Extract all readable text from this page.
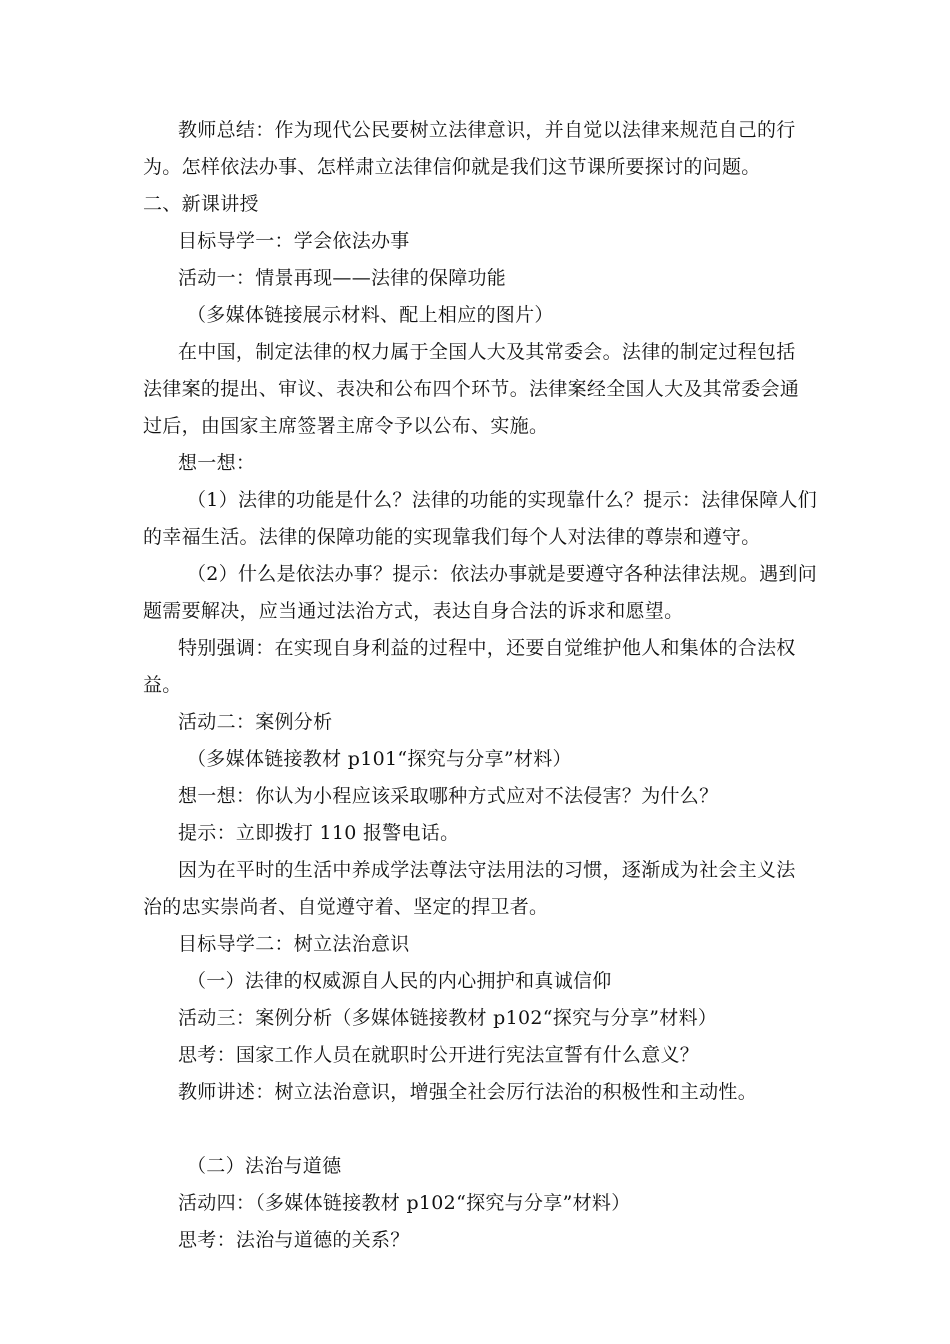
教师总结：作为现代公民要树立法律意识，并自觉以法律来规范自己的行
为。怎样依法办事、怎样肃立法律信仰就是我们这节课所要探讨的问题。
二、新课讲授
目标导学一：学会依法办事
活动一：情景再现——法律的保障功能
（多媒体链接展示材料、配上相应的图片）
在中国，制定法律的权力属于全国人大及其常委会。法律的制定过程包括
法律案的提出、审议、表决和公布四个环节。法律案经全国人大及其常委会通
过后，由国家主席签署主席令予以公布、实施。
想一想：
（1）法律的功能是什么？法律的功能的实现靠什么？提示：法律保障人们
的幸福生活。法律的保障功能的实现靠我们每个人对法律的尊崇和遵守。
（2）什么是依法办事？提示：依法办事就是要遵守各种法律法规。遇到问
题需要解决，应当通过法治方式，表达自身合法的诉求和愿望。
特别强调：在实现自身利益的过程中，还要自觉维护他人和集体的合法权
益。
活动二：案例分析
（多媒体链接教材 p101“探究与分享”材料）
想一想：你认为小程应该采取哪种方式应对不法侵害？为什么？
提示：立即拨打 110 报警电话。
因为在平时的生活中养成学法尊法守法用法的习惯，逐渐成为社会主义法
治的忠实崇尚者、自觉遵守着、坚定的捍卫者。
目标导学二：树立法治意识
（一）法律的权威源自人民的内心拥护和真诚信仰
活动三：案例分析（多媒体链接教材 p102“探究与分享”材料）
思考：国家工作人员在就职时公开进行宪法宣誓有什么意义？
教师讲述：树立法治意识，增强全社会厉行法治的积极性和主动性。
（二）法治与道德
活动四：（多媒体链接教材 p102“探究与分享”材料）
思考：法治与道德的关系？
